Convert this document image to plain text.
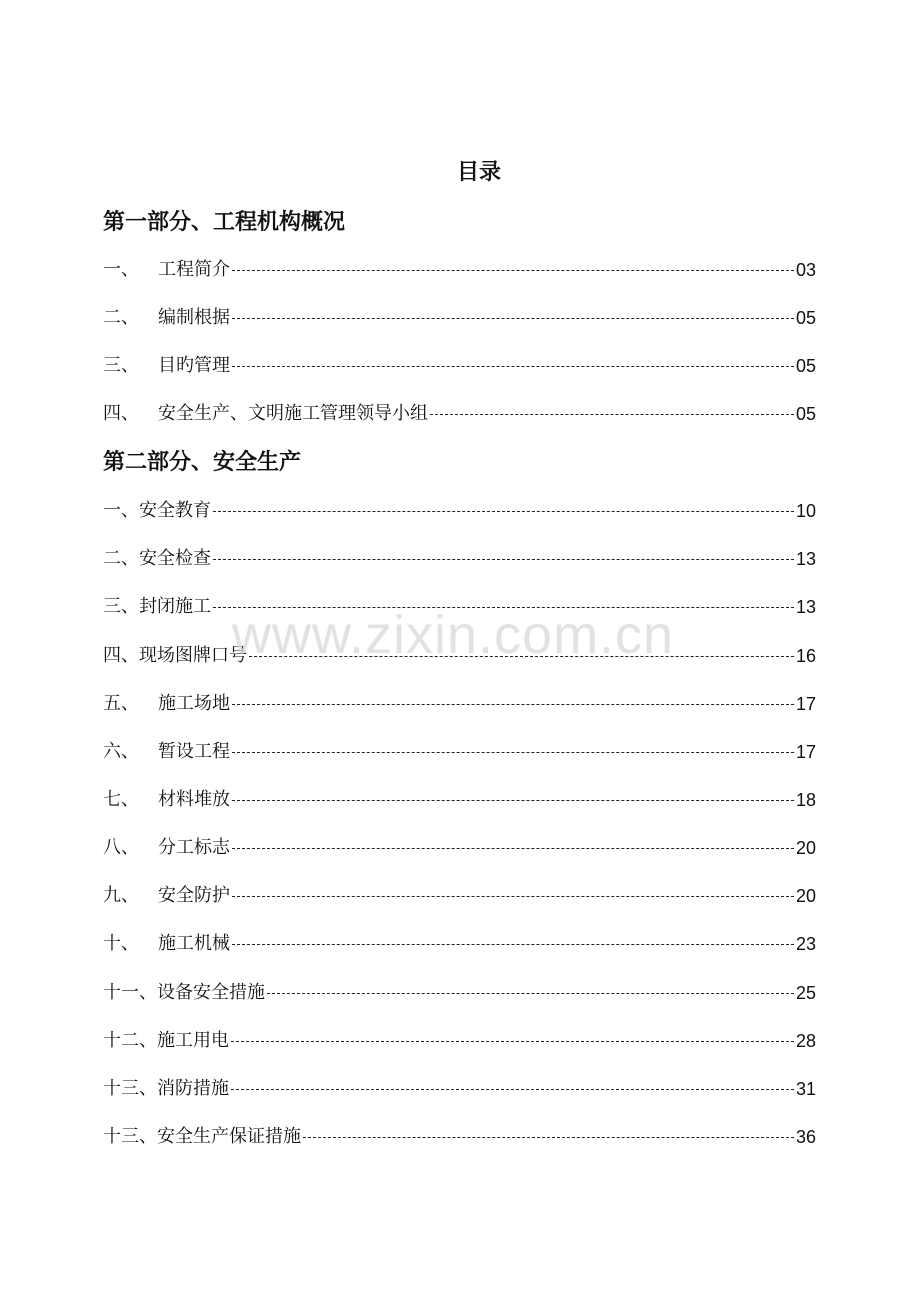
目录
第一部分、工程机构概况
一、	工程简介	03
二、	编制根据	05
三、	目旳管理	05
四、	安全生产、文明施工管理领导小组	05
第二部分、安全生产
一、 安全教育	10
二、 安全检查	13
三、 封闭施工	13
四、 现场图牌口号	16
五、	施工场地	17
六、	暂设工程	17
七、	材料堆放	18
八、	分工标志	20
九、	安全防护	20
十、	施工机械	23
十一、 设备安全措施	25
十二、 施工用电	28
十三、 消防措施	31
十三、 安全生产保证措施	36
www.zixin.com.cn
